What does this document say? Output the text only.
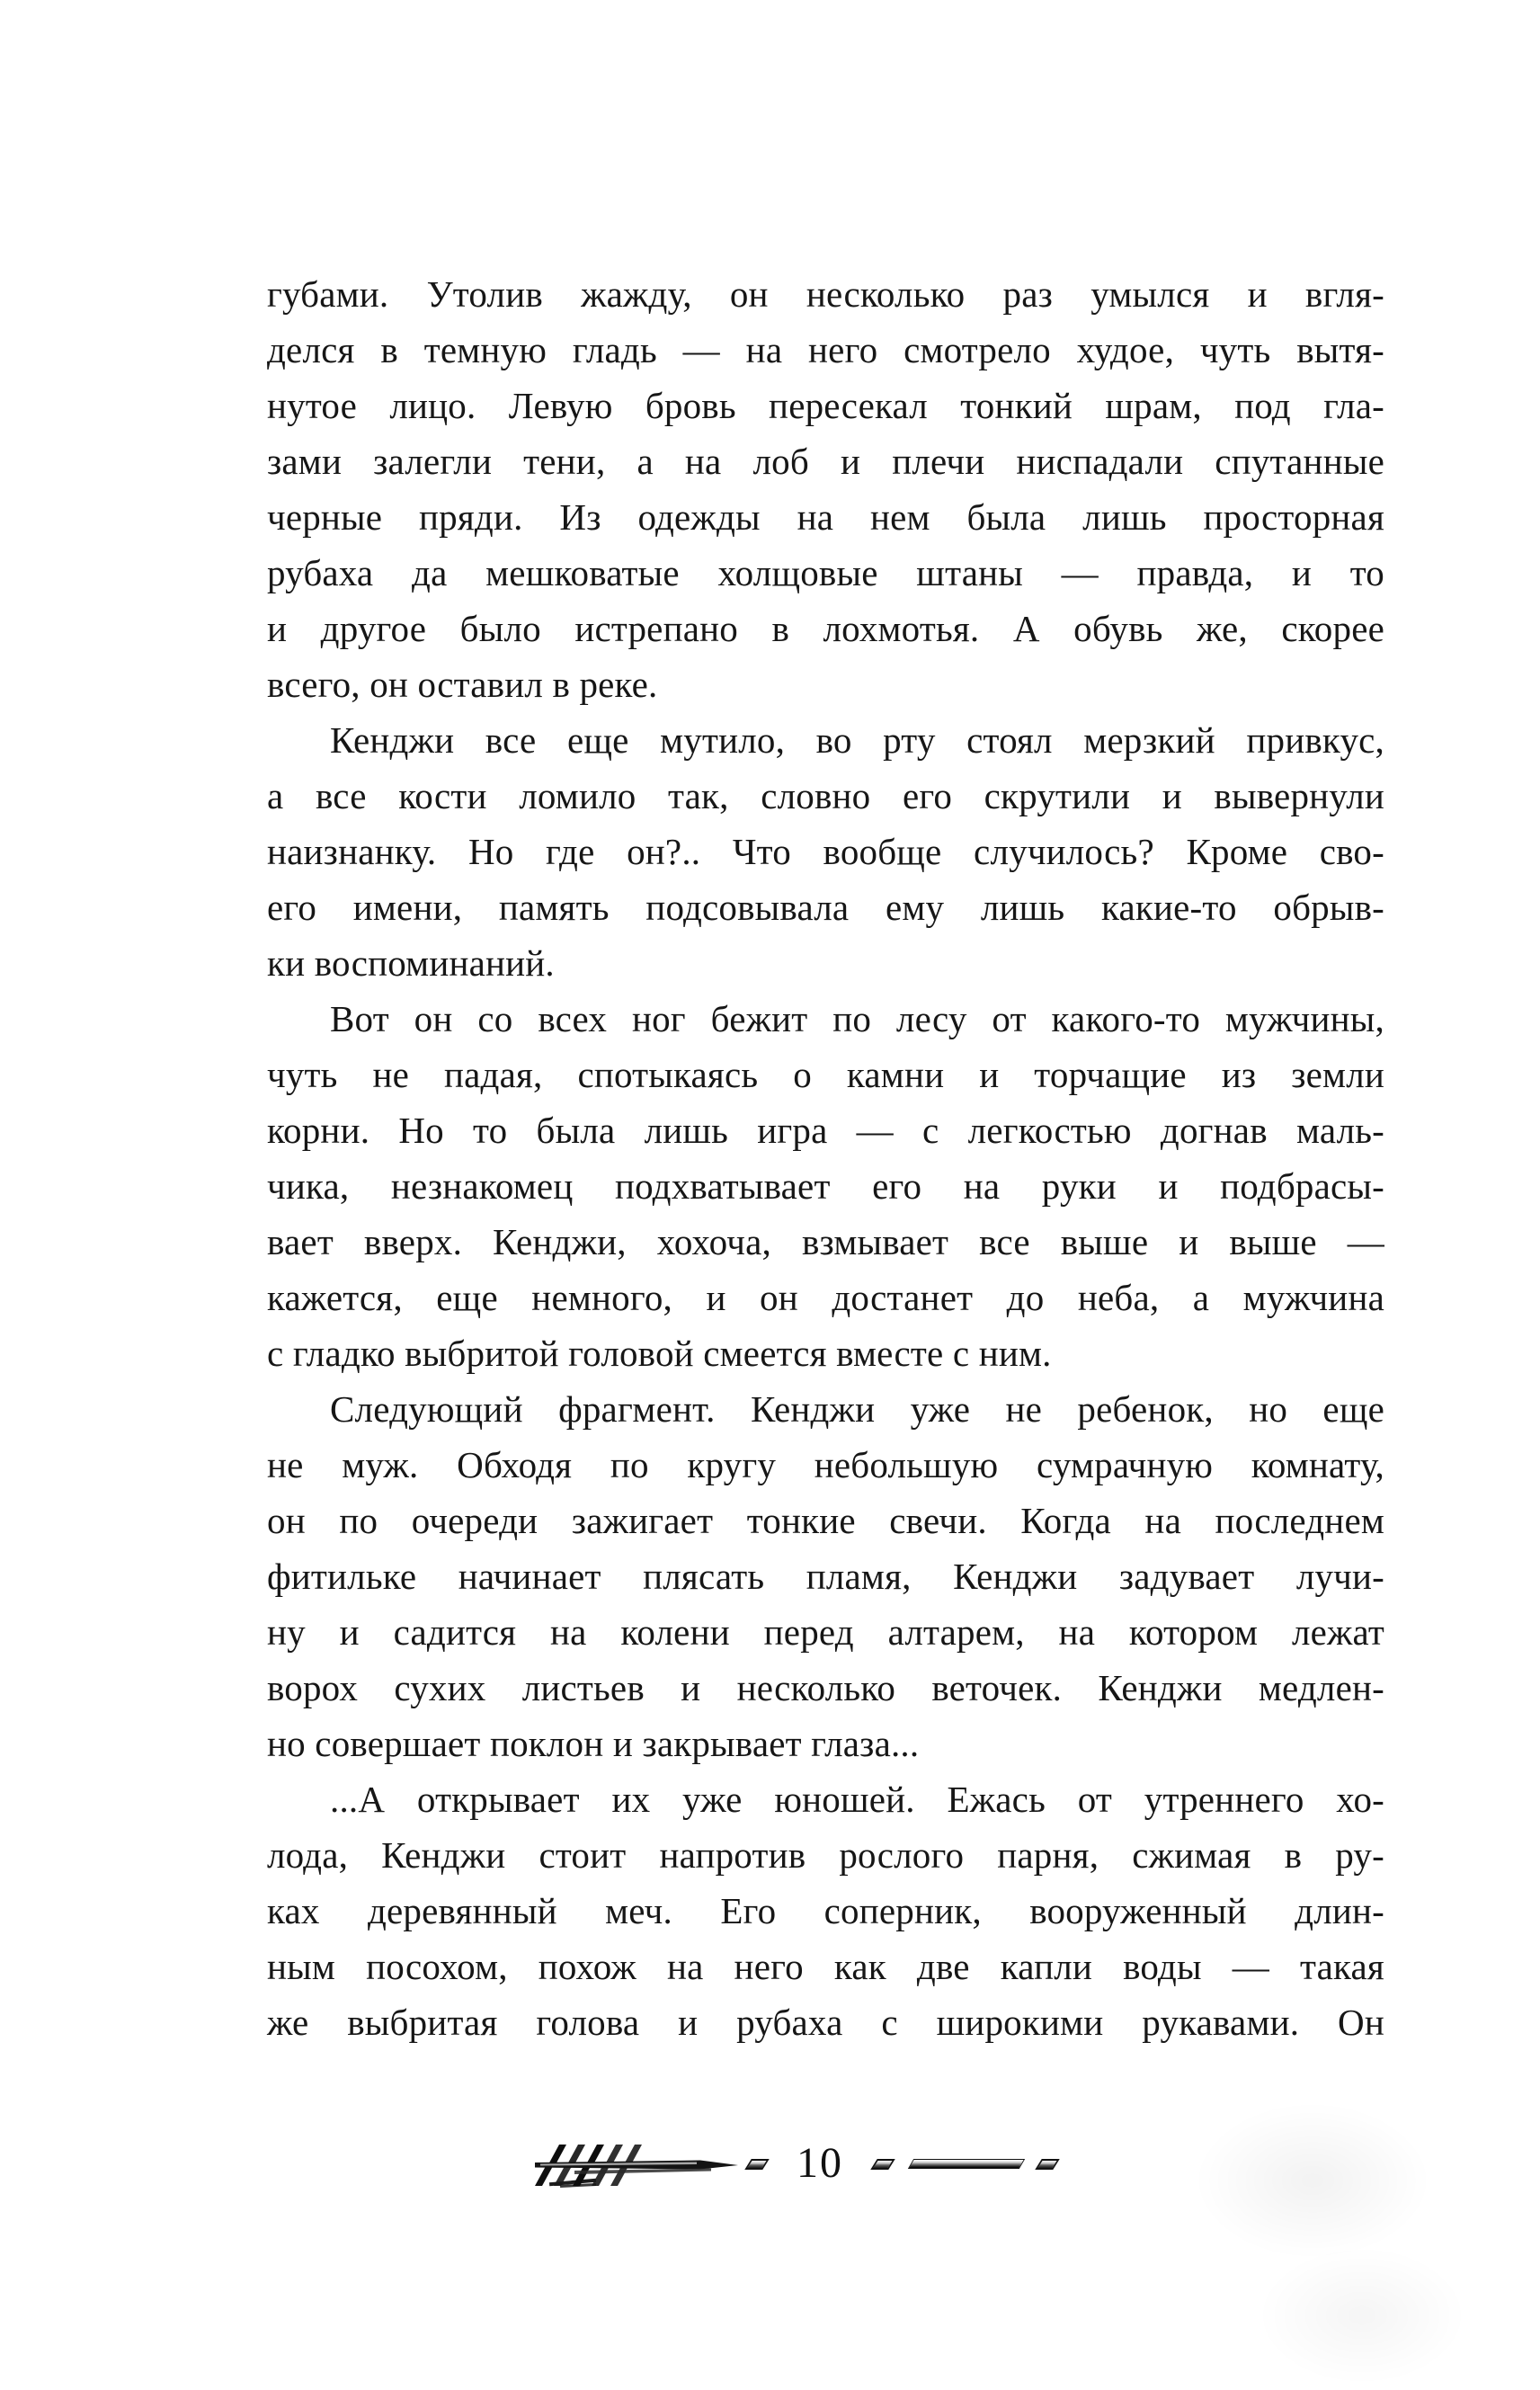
губами. Утолив жажду, он несколько раз умылся и вгля-
делся в темную гладь — на него смотрело худое, чуть вытя-
нутое лицо. Левую бровь пересекал тонкий шрам, под гла-
зами залегли тени, а на лоб и плечи ниспадали спутанные
черные пряди. Из одежды на нем была лишь просторная
рубаха да мешковатые холщовые штаны — правда, и то
и другое было истрепано в лохмотья. А обувь же, скорее
всего, он оставил в реке.
Кенджи все еще мутило, во рту стоял мерзкий привкус,
а все кости ломило так, словно его скрутили и вывернули
наизнанку. Но где он?.. Что вообще случилось? Кроме сво-
его имени, память подсовывала ему лишь какие-то обрыв-
ки воспоминаний.
Вот он со всех ног бежит по лесу от какого-то мужчины,
чуть не падая, спотыкаясь о камни и торчащие из земли
корни. Но то была лишь игра — с легкостью догнав маль-
чика, незнакомец подхватывает его на руки и подбрасы-
вает вверх. Кенджи, хохоча, взмывает все выше и выше —
кажется, еще немного, и он достанет до неба, а мужчина
с гладко выбритой головой смеется вместе с ним.
Следующий фрагмент. Кенджи уже не ребенок, но еще
не муж. Обходя по кругу небольшую сумрачную комнату,
он по очереди зажигает тонкие свечи. Когда на последнем
фитильке начинает плясать пламя, Кенджи задувает лучи-
ну и садится на колени перед алтарем, на котором лежат
ворох сухих листьев и несколько веточек. Кенджи медлен-
но совершает поклон и закрывает глаза...
...А открывает их уже юношей. Ежась от утреннего хо-
лода, Кенджи стоит напротив рослого парня, сжимая в ру-
ках деревянный меч. Его соперник, вооруженный длин-
ным посохом, похож на него как две капли воды — такая
же выбритая голова и рубаха с широкими рукавами. Он
10
